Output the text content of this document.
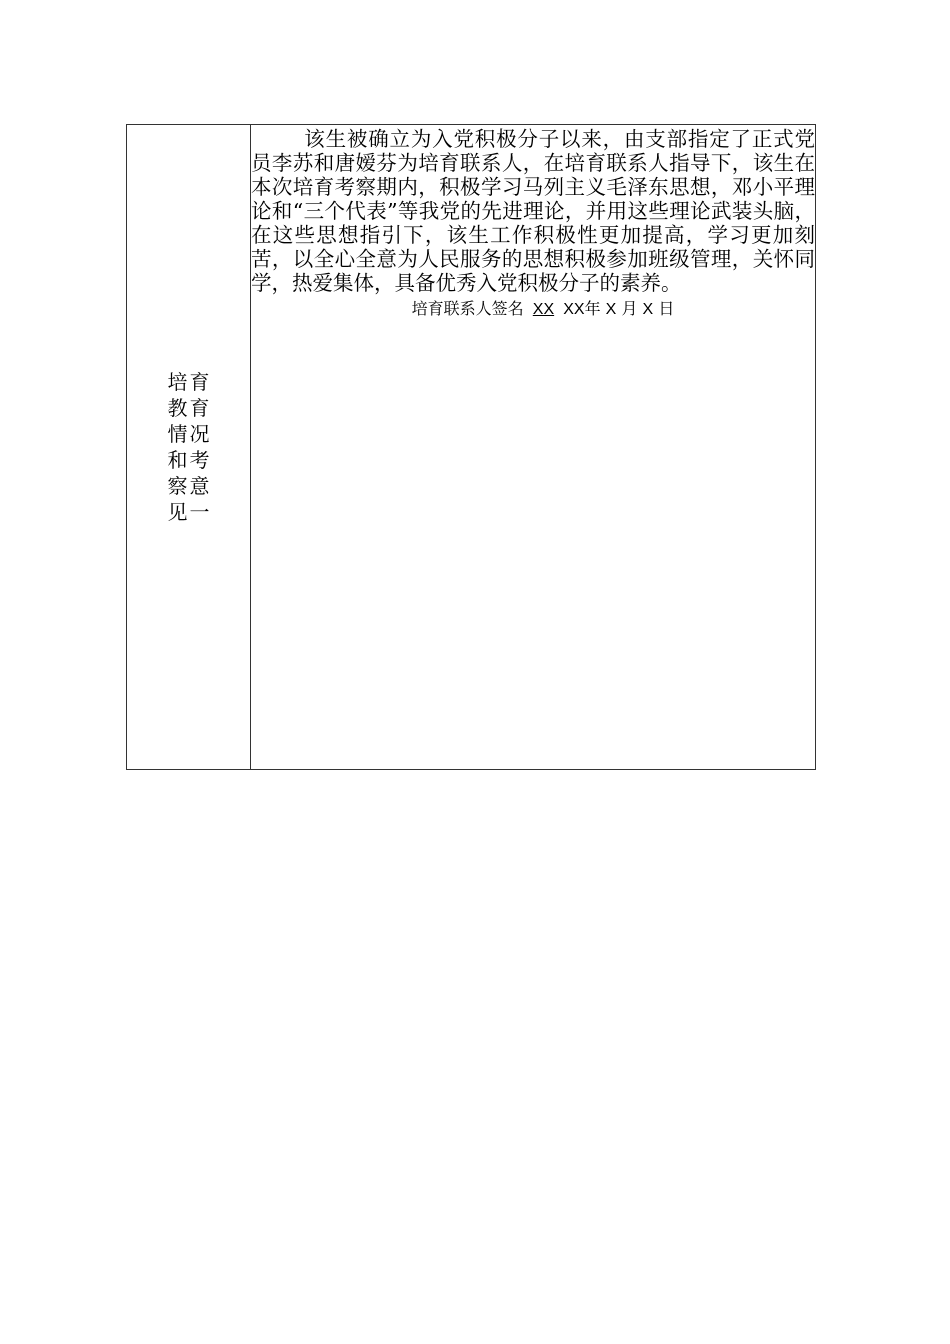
培育教育情况和考察意见一

该生被确立为入党积极分子以来，由支部指定了正式党员李苏和唐嫒芬为培育联系人，在培育联系人指导下，该生在本次培育考察期内，积极学习马列主义毛泽东思想，邓小平理论和“三个代表”等我党的先进理论，并用这些理论武装头脑，在这些思想指引下，该生工作积极性更加提高，学习更加刻苦，以全心全意为人民服务的思想积极参加班级管理，关怀同学，热爱集体，具备优秀入党积极分子的素养。

培育联系人签名 XX XX年 X 月 X 日
